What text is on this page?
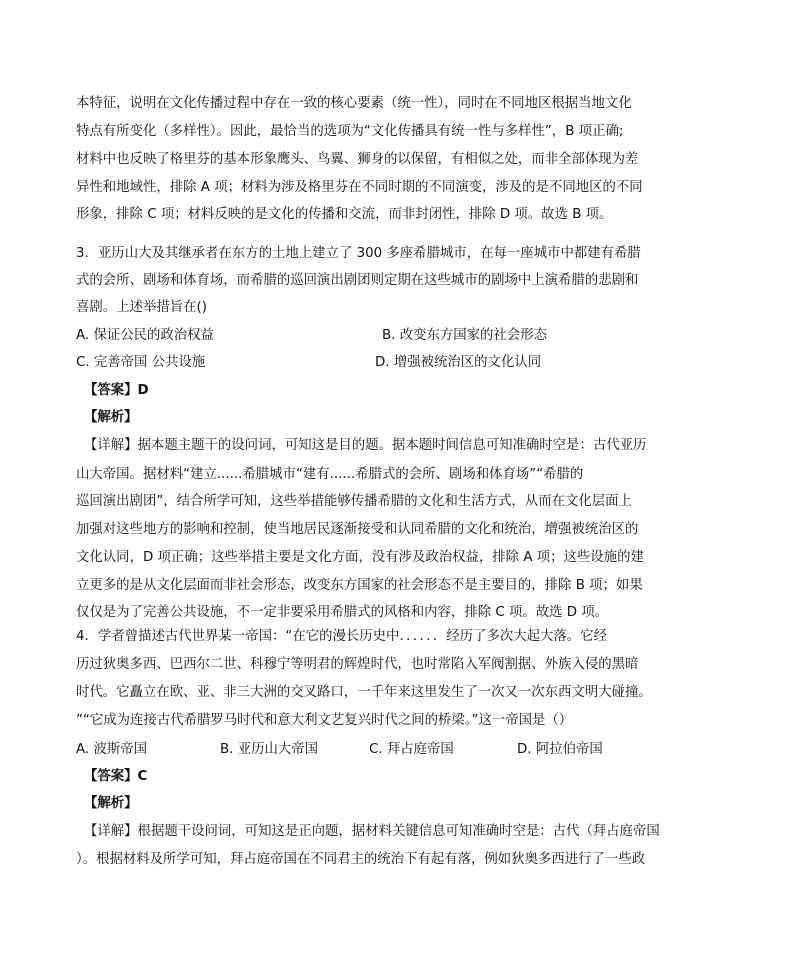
本特征，说明在文化传播过程中存在一致的核心要素（统一性），同时在不同地区根据当地文化
特点有所变化（多样性）。因此，最恰当的选项为“文化传播具有统一性与多样性”，B 项正确;
材料中也反映了格里芬的基本形象鹰头、鸟翼、狮身的以保留，有相似之处，而非全部体现为差
异性和地域性，排除 A 项；材料为涉及格里芬在不同时期的不同演变，涉及的是不同地区的不同
形象，排除 C 项；材料反映的是文化的传播和交流，而非封闭性，排除 D 项。故选 B 项。
3．亚历山大及其继承者在东方的土地上建立了 300 多座希腊城市，在每一座城市中都建有希腊
式的会所、剧场和体育场，而希腊的巡回演出剧团则定期在这些城市的剧场中上演希腊的悲剧和
喜剧。上述举措旨在()
A. 保证公民的政治权益	B. 改变东方国家的社会形态
C. 完善帝国 公共设施	D. 增强被统治区的文化认同
【答案】D
【解析】
【详解】据本题主题干的设问词，可知这是目的题。据本题时间信息可知准确时空是：古代亚历
山大帝国。据材料“建立......希腊城市“建有......希腊式的会所、剧场和体育场”“希腊的
巡回演出剧团”，结合所学可知，这些举措能够传播希腊的文化和生活方式，从而在文化层面上
加强对这些地方的影响和控制，使当地居民逐渐接受和认同希腊的文化和统治，增强被统治区的
文化认同，D 项正确；这些举措主要是文化方面，没有涉及政治权益，排除 A 项；这些设施的建
立更多的是从文化层面而非社会形态，改变东方国家的社会形态不是主要目的，排除 B 项；如果
仅仅是为了完善公共设施，不一定非要采用希腊式的风格和内容，排除 C 项。故选 D 项。
4．学者曾描述古代世界某一帝国：“在它的漫长历史中．．．．．．经历了多次大起大落。它经
历过狄奥多西、巴西尔二世、科穆宁等明君的辉煌时代，也时常陷入军阀割据、外族入侵的黑暗
时代。它矗立在欧、亚、非三大洲的交叉路口，一千年来这里发生了一次又一次东西文明大碰撞。
”“它成为连接古代希腊罗马时代和意大利文艺复兴时代之间的桥梁。”这一帝国是（）
A. 波斯帝国	B. 亚历山大帝国	C. 拜占庭帝国	D. 阿拉伯帝国
【答案】C
【解析】
【详解】根据题干设问词，可知这是正向题，据材料关键信息可知准确时空是：古代（拜占庭帝国
）。根据材料及所学可知，拜占庭帝国在不同君主的统治下有起有落，例如狄奥多西进行了一些政
